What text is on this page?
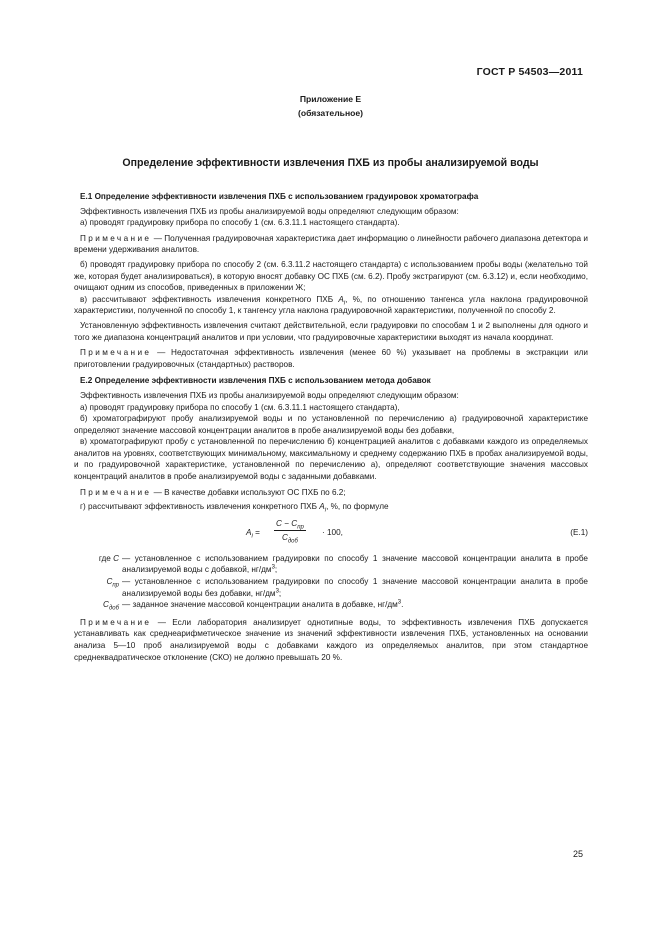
ГОСТ Р 54503—2011
Приложение Е
(обязательное)
Определение эффективности извлечения ПХБ из пробы анализируемой воды

Е.1 Определение эффективности извлечения ПХБ с использованием градуировок хроматографа

Эффективность извлечения ПХБ из пробы анализируемой воды определяют следующим образом:

а) проводят градуировку прибора по способу 1 (см. 6.3.11.1 настоящего стандарта).

Примечание — Полученная градуировочная характеристика дает информацию о линейности рабочего диапазона детектора и времени удерживания аналитов.

б) проводят градуировку прибора по способу 2 (см. 6.3.11.2 настоящего стандарта) с использованием пробы воды (желательно той же, которая будет анализироваться), в которую вносят добавку ОС ПХБ (см. 6.2). Пробу экстрагируют (см. 6.3.12) и, если необходимо, очищают одним из способов, приведенных в приложении Ж;

в) рассчитывают эффективность извлечения конкретного ПХБ $A_i$, %, по отношению тангенса угла наклона градуировочной характеристики, полученной по способу 1, к тангенсу угла наклона градуировочной характеристики, полученной по способу 2.

Установленную эффективность извлечения считают действительной, если градуировки по способам 1 и 2 выполнены для одного и того же диапазона концентраций аналитов и при условии, что градуировочные характеристики выходят из начала координат.

Примечание — Недостаточная эффективность извлечения (менее 60 %) указывает на проблемы в экстракции или приготовлении градуировочных (стандартных) растворов.

Е.2 Определение эффективности извлечения ПХБ с использованием метода добавок

Эффективность извлечения ПХБ из пробы анализируемой воды определяют следующим образом:

а) проводят градуировку прибора по способу 1 (см. 6.3.11.1 настоящего стандарта),

б) хроматографируют пробу анализируемой воды и по установленной по перечислению а) градуировочной характеристике определяют значение массовой концентрации аналитов в пробе анализируемой воды без добавки,

в) хроматографируют пробу с установленной по перечислению б) концентрацией аналитов с добавками каждого из определяемых аналитов на уровнях, соответствующих минимальному, максимальному и среднему содержанию ПХБ в пробах анализируемой воды, и по градуировочной характеристике, установленной по перечислению а), определяют соответствующие значения массовых концентраций аналитов в пробе анализируемой воды с заданными добавками.

Примечание — В качестве добавки используют ОС ПХБ по 6.2;

г) рассчитывают эффективность извлечения конкретного ПХБ $A_i$, %, по формуле

$A_i$ =
$C - C_{пр}$
$C_{доб}$
· 100,	(Е.1)
где C — установленное с использованием градуировки по способу 1 значение массовой концентрации аналита в пробе анализируемой воды с добавкой, $нг/дм^3$;
$C_{пр}$ — установленное с использованием градуировки по способу 1 значение массовой концентрации аналита в пробе анализируемой воды без добавки, $нг/дм^3$;
$C_{доб}$ — заданное значение массовой концентрации аналита в добавке, $нг/дм^3$.

Примечание — Если лаборатория анализирует однотипные воды, то эффективность извлечения ПХБ допускается устанавливать как среднеарифметическое значение из значений эффективности извлечения ПХБ, установленных на основании анализа 5—10 проб анализируемой воды с добавками каждого из определяемых аналитов, при этом стандартное среднеквадратическое отклонение (СКО) не должно превышать 20 %.

25
